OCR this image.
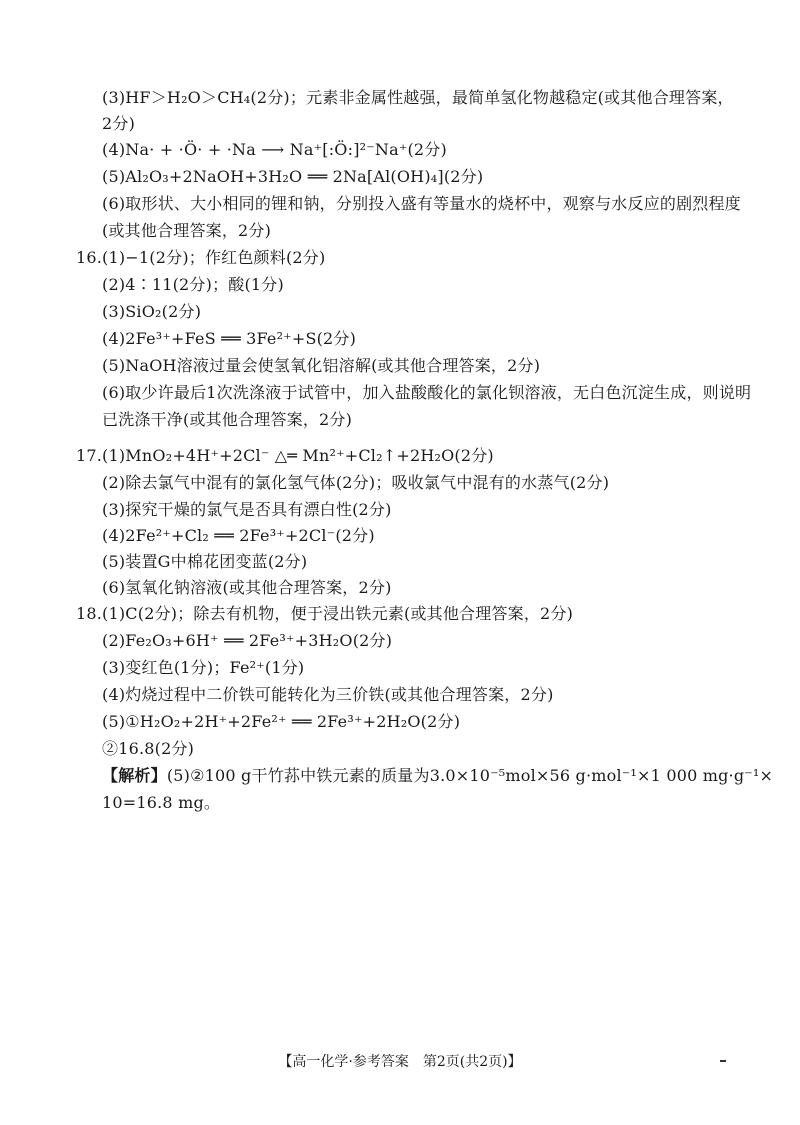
(3)HF＞H₂O＞CH₄(2分)；元素非金属性越强，最简单氢化物越稳定(或其他合理答案，
2分)
(4)Na· + ·Ö· + ·Na ⟶ Na⁺[:Ö:]²⁻Na⁺(2分)
(5)Al₂O₃+2NaOH+3H₂O ══ 2Na[Al(OH)₄](2分)
(6)取形状、大小相同的锂和钠，分别投入盛有等量水的烧杯中，观察与水反应的剧烈程度
(或其他合理答案，2分)
16.(1)−1(2分)；作红色颜料(2分)
(2)4∶11(2分)；酸(1分)
(3)SiO₂(2分)
(4)2Fe³⁺+FeS ══ 3Fe²⁺+S(2分)
(5)NaOH溶液过量会使氢氧化铝溶解(或其他合理答案，2分)
(6)取少许最后1次洗涤液于试管中，加入盐酸酸化的氯化钡溶液，无白色沉淀生成，则说明
已洗涤干净(或其他合理答案，2分)
17.(1)MnO₂+4H⁺+2Cl⁻ △═ Mn²⁺+Cl₂↑+2H₂O(2分)
(2)除去氯气中混有的氯化氢气体(2分)；吸收氯气中混有的水蒸气(2分)
(3)探究干燥的氯气是否具有漂白性(2分)
(4)2Fe²⁺+Cl₂ ══ 2Fe³⁺+2Cl⁻(2分)
(5)装置G中棉花团变蓝(2分)
(6)氢氧化钠溶液(或其他合理答案，2分)
18.(1)C(2分)；除去有机物，便于浸出铁元素(或其他合理答案，2分)
(2)Fe₂O₃+6H⁺ ══ 2Fe³⁺+3H₂O(2分)
(3)变红色(1分)；Fe²⁺(1分)
(4)灼烧过程中二价铁可能转化为三价铁(或其他合理答案，2分)
(5)①H₂O₂+2H⁺+2Fe²⁺ ══ 2Fe³⁺+2H₂O(2分)
②16.8(2分)
【解析】(5)②100 g干竹荪中铁元素的质量为3.0×10⁻⁵mol×56 g·mol⁻¹×1 000 mg·g⁻¹×
10=16.8 mg。
【高一化学·参考答案　第2页(共2页)】
